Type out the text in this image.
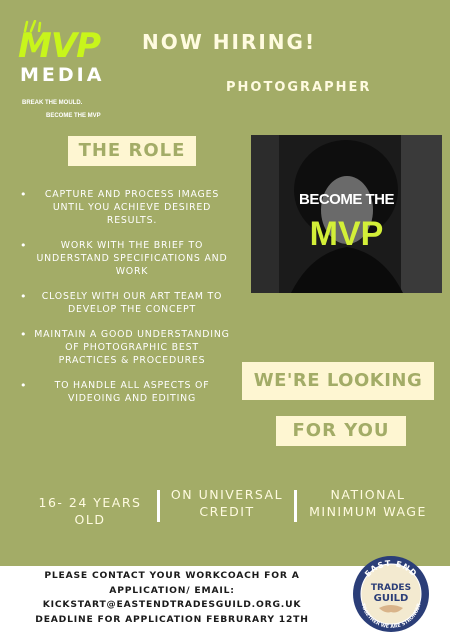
MVP
MEDIA
BREAK THE MOULD.
BECOME THE MVP
NOW HIRING!
PHOTOGRAPHER
THE ROLE
• CAPTURE AND PROCESS IMAGES UNTIL YOU ACHIEVE DESIRED RESULTS.
• WORK WITH THE BRIEF TO UNDERSTAND SPECIFICATIONS AND WORK
• CLOSELY WITH OUR ART TEAM TO DEVELOP THE CONCEPT
• MAINTAIN A GOOD UNDERSTANDING OF PHOTOGRAPHIC BEST PRACTICES & PROCEDURES
• TO HANDLE ALL ASPECTS OF VIDEOING AND EDITING
BECOME THE
MVP
WE'RE LOOKING
FOR YOU
16- 24 YEARS OLD
ON UNIVERSAL CREDIT
NATIONAL MINIMUM WAGE
PLEASE CONTACT YOUR WORKCOACH FOR A
APPLICATION/ EMAIL:
KICKSTART@EASTENDTRADESGUILD.ORG.UK
DEADLINE FOR APPLICATION FEBRURARY 12TH
EAST END
TOGETHER WE ARE STRONGER
TRADES
GUILD
